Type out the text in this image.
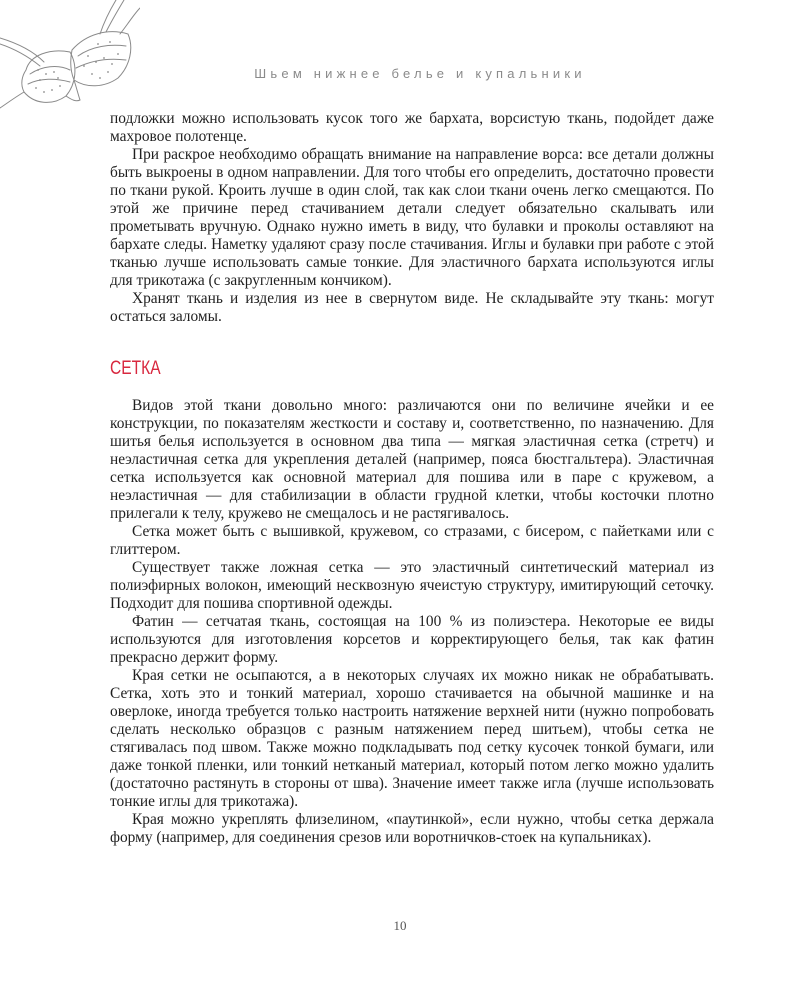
Шьем нижнее белье и купальники

подложки можно использовать кусок того же бархата, ворсистую ткань, подойдет даже махровое полотенце.

При раскрое необходимо обращать внимание на направление ворса: все детали должны быть выкроены в одном направлении. Для того чтобы его определить, достаточно провести по ткани рукой. Кроить лучше в один слой, так как слои ткани очень легко смещаются. По этой же причине перед стачиванием детали следует обязательно скалывать или прометывать вручную. Однако нужно иметь в виду, что булавки и проколы оставляют на бархате следы. Наметку удаляют сразу после стачивания. Иглы и булавки при работе с этой тканью лучше использовать самые тонкие. Для эластичного бархата используются иглы для трикотажа (с закругленным кончиком).

Хранят ткань и изделия из нее в свернутом виде. Не складывайте эту ткань: могут остаться заломы.

СЕТКА

Видов этой ткани довольно много: различаются они по величине ячейки и ее конструкции, по показателям жесткости и составу и, соответственно, по назначению. Для шитья белья используется в основном два типа — мягкая эластичная сетка (стретч) и неэластичная сетка для укрепления деталей (например, пояса бюстгальтера). Эластичная сетка используется как основной материал для пошива или в паре с кружевом, а неэластичная — для стабилизации в области грудной клетки, чтобы косточки плотно прилегали к телу, кружево не смещалось и не растягивалось.

Сетка может быть с вышивкой, кружевом, со стразами, с бисером, с пайетками или с глиттером.

Существует также ложная сетка — это эластичный синтетический материал из полиэфирных волокон, имеющий несквозную ячеистую структуру, имитирующий сеточку. Подходит для пошива спортивной одежды.

Фатин — сетчатая ткань, состоящая на 100 % из полиэстера. Некоторые ее виды используются для изготовления корсетов и корректирующего белья, так как фатин прекрасно держит форму.

Края сетки не осыпаются, а в некоторых случаях их можно никак не обрабатывать. Сетка, хоть это и тонкий материал, хорошо стачивается на обычной машинке и на оверлоке, иногда требуется только настроить натяжение верхней нити (нужно попробовать сделать несколько образцов с разным натяжением перед шитьем), чтобы сетка не стягивалась под швом. Также можно подкладывать под сетку кусочек тонкой бумаги, или даже тонкой пленки, или тонкий нетканый материал, который потом легко можно удалить (достаточно растянуть в стороны от шва). Значение имеет также игла (лучше использовать тонкие иглы для трикотажа).

Края можно укреплять флизелином, «паутинкой», если нужно, чтобы сетка держала форму (например, для соединения срезов или воротничков-стоек на купальниках).

10
